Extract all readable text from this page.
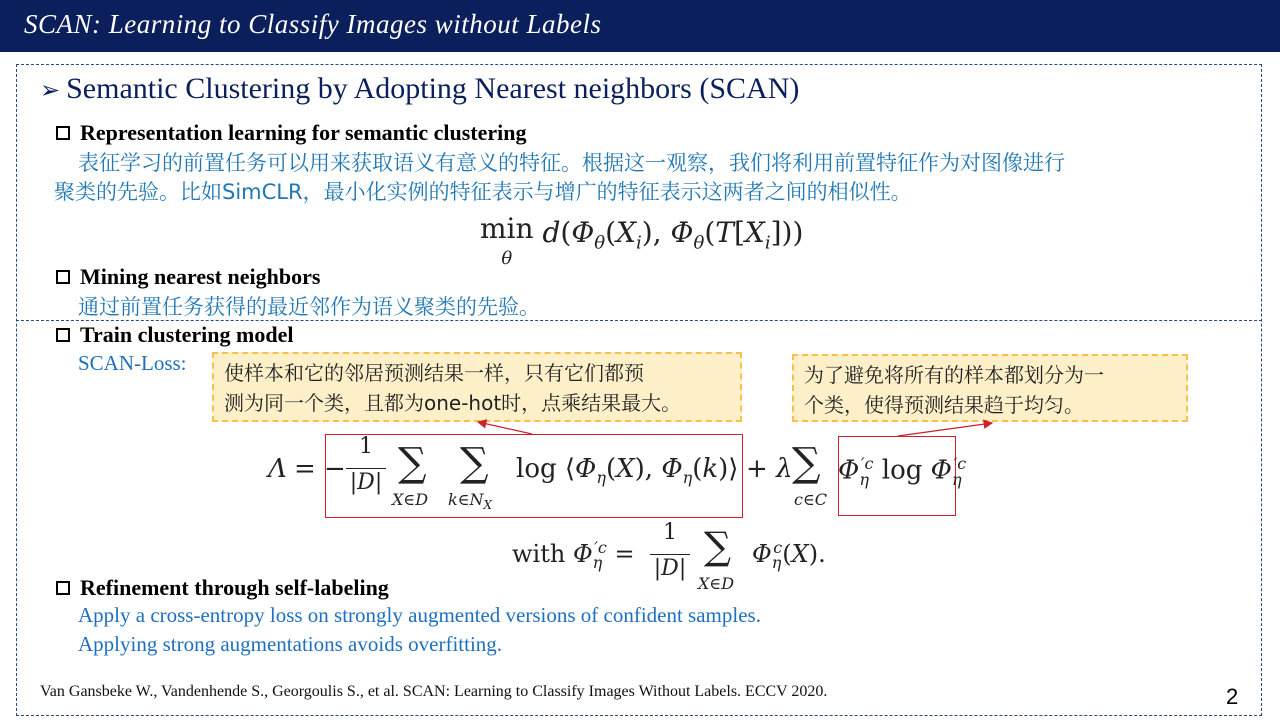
SCAN: Learning to Classify Images without Labels
➢ Semantic Clustering by Adopting Nearest neighbors (SCAN)
Representation learning for semantic clustering
表征学习的前置任务可以用来获取语义有意义的特征。根据这一观察，我们将利用前置特征作为对图像进行
聚类的先验。比如SimCLR，最小化实例的特征表示与增广的特征表示这两者之间的相似性。
min
θ $d(\Phi_\theta(X_i)$, $\Phi_\theta(T[X_i])$)
Mining nearest neighbors
通过前置任务获得的最近邻作为语义聚类的先验。
Train clustering model
SCAN-Loss: 使样本和它的邻居预测结果一样，只有它们都预
测为同一个类，且都为one-hot时，点乘结果最大。
为了避免将所有的样本都划分为一
个类，使得预测结果趋于均匀。
Λ = −
1
|D| ∑
X∈D
∑
$k\in N_X$
$\log ⟨\Phi_\eta(X)$, $\Phi_\eta(k)⟩ + \lambda$ ∑
c∈C
$\Phi_\eta^{'c}$ $\log \Phi_\eta^{'c}$
with $\Phi_\eta^{'c}$ =
1
|D|
∑
X∈D
$\Phi_\eta^c(X)$.
Refinement through self-labeling
Apply a cross-entropy loss on strongly augmented versions of confident samples.
Applying strong augmentations avoids overfitting.
Van Gansbeke W., Vandenhende S., Georgoulis S., et al. SCAN: Learning to Classify Images Without Labels. ECCV 2020.	2
